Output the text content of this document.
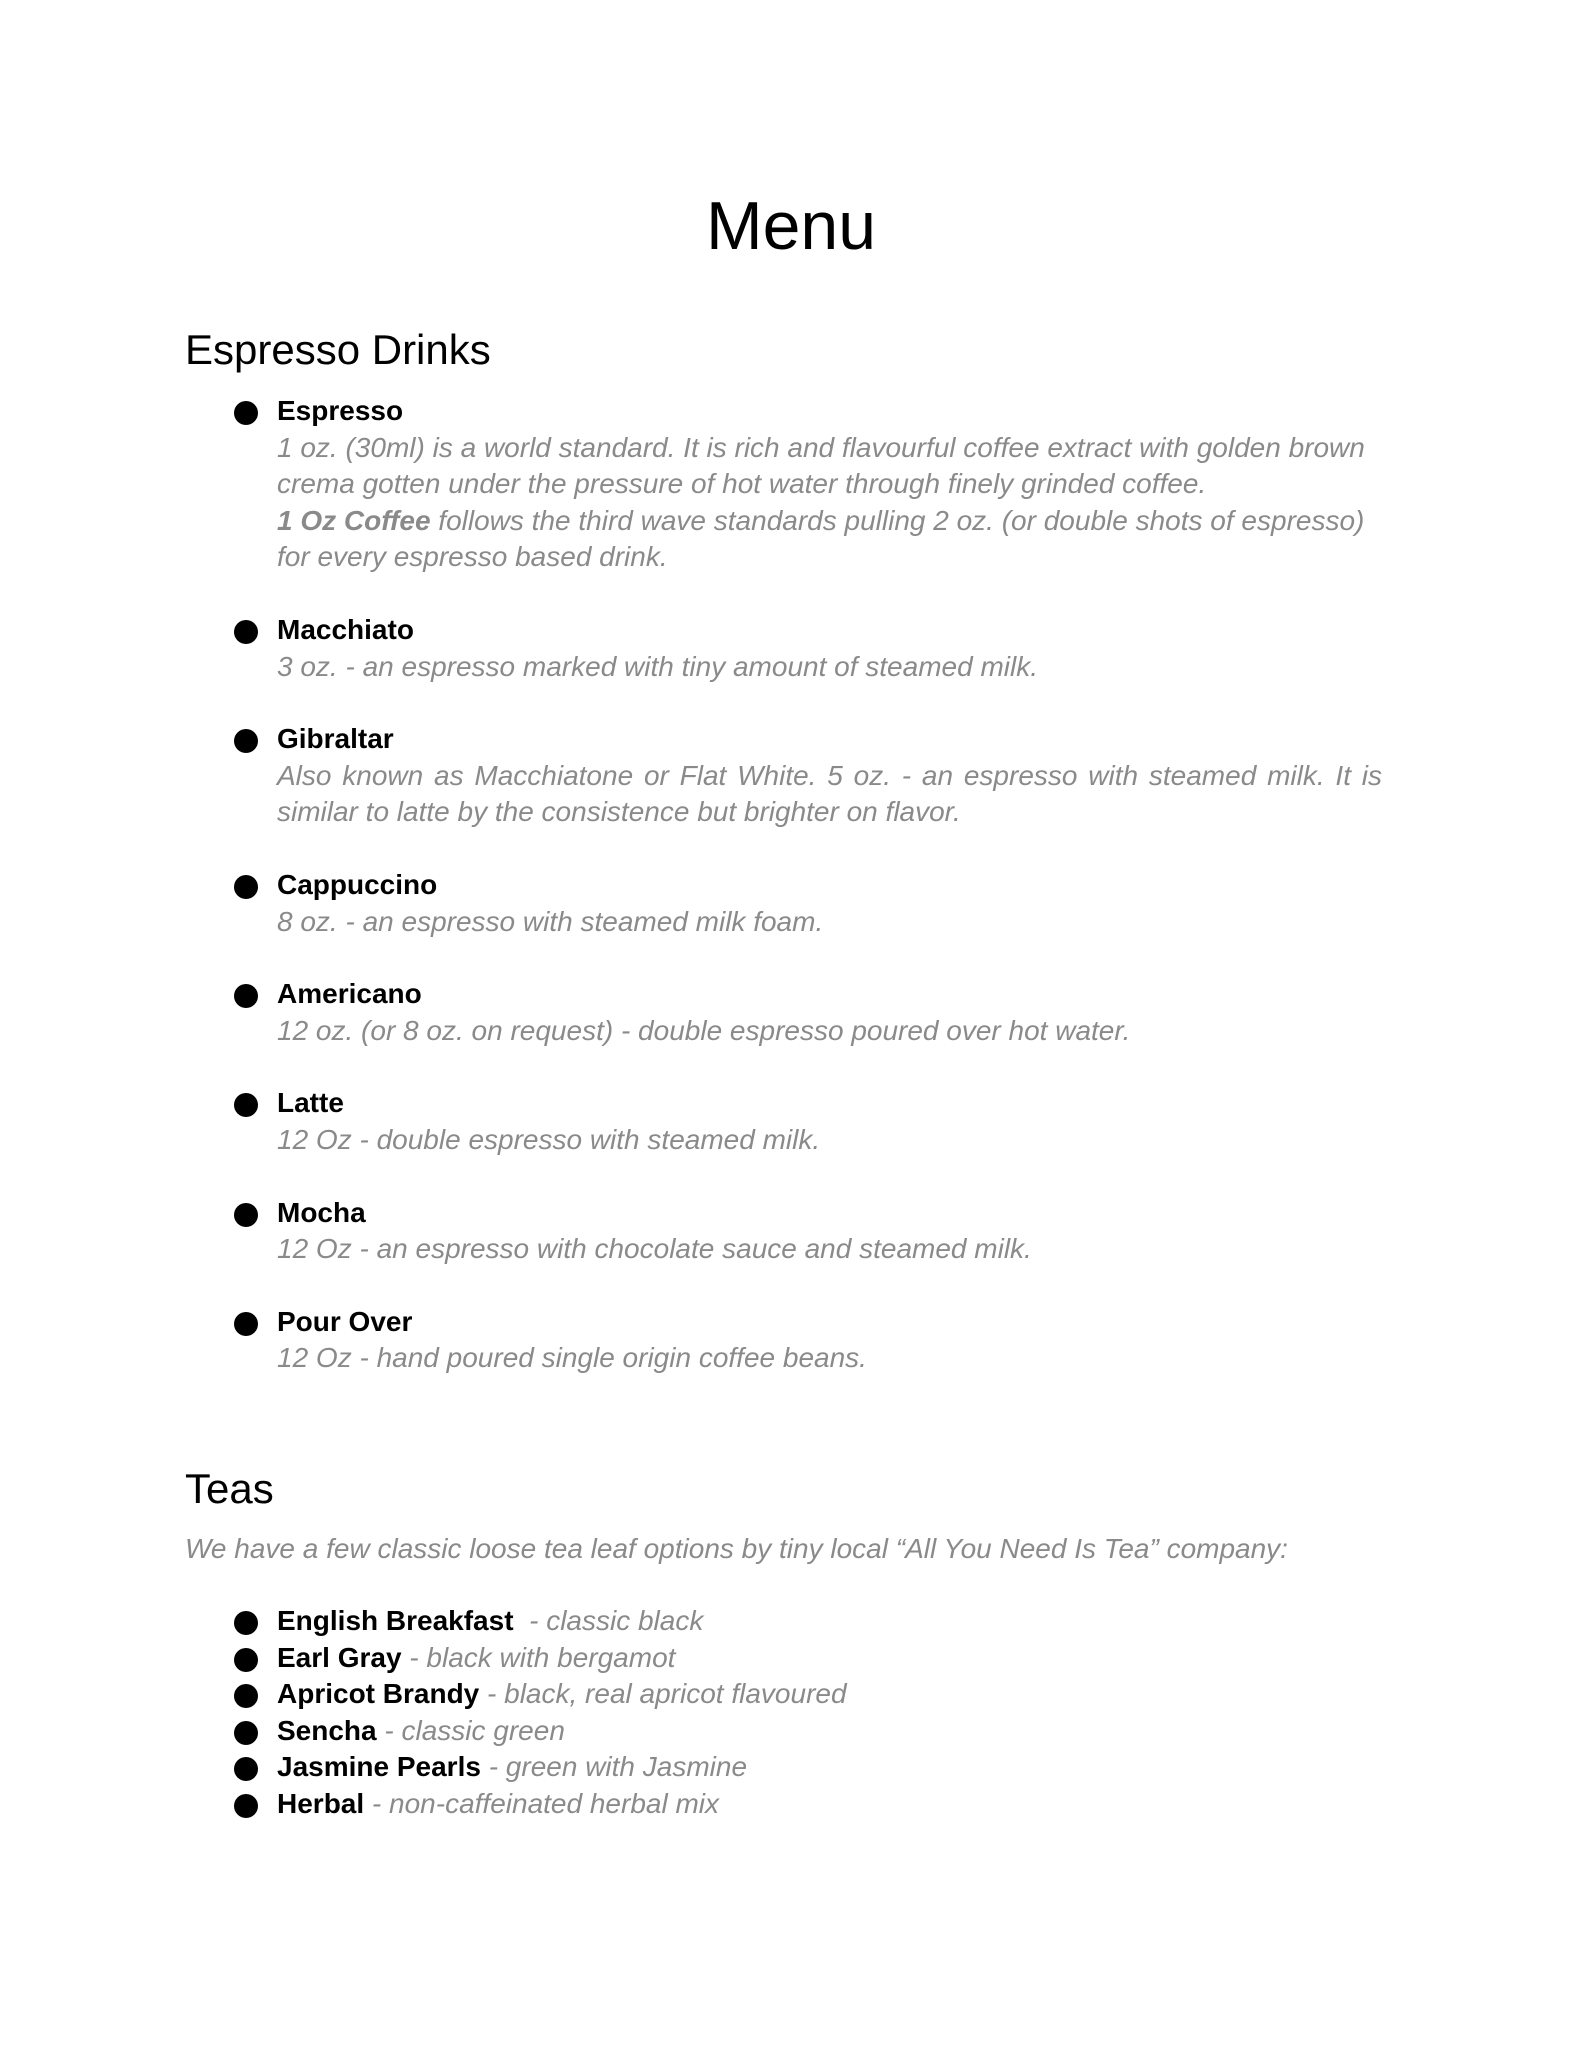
Menu
Espresso Drinks
Espresso
1 oz. (30ml) is a world standard. It is rich and flavourful coffee extract with golden brown crema gotten under the pressure of hot water through finely grinded coffee.
1 Oz Coffee follows the third wave standards pulling 2 oz. (or double shots of espresso) for every espresso based drink.
Macchiato
3 oz. - an espresso marked with tiny amount of steamed milk.
Gibraltar
Also known as Macchiatone or Flat White. 5 oz. - an espresso with steamed milk. It is similar to latte by the consistence but brighter on flavor.
Cappuccino
8 oz. - an espresso with steamed milk foam.
Americano
12 oz. (or 8 oz. on request) - double espresso poured over hot water.
Latte
12 Oz - double espresso with steamed milk.
Mocha
12 Oz - an espresso with chocolate sauce and steamed milk.
Pour Over
12 Oz - hand poured single origin coffee beans.
Teas

We have a few classic loose tea leaf options by tiny local “All You Need Is Tea” company:

English Breakfast  - classic black
Earl Gray - black with bergamot
Apricot Brandy - black, real apricot flavoured
Sencha - classic green
Jasmine Pearls - green with Jasmine
Herbal - non-caffeinated herbal mix
